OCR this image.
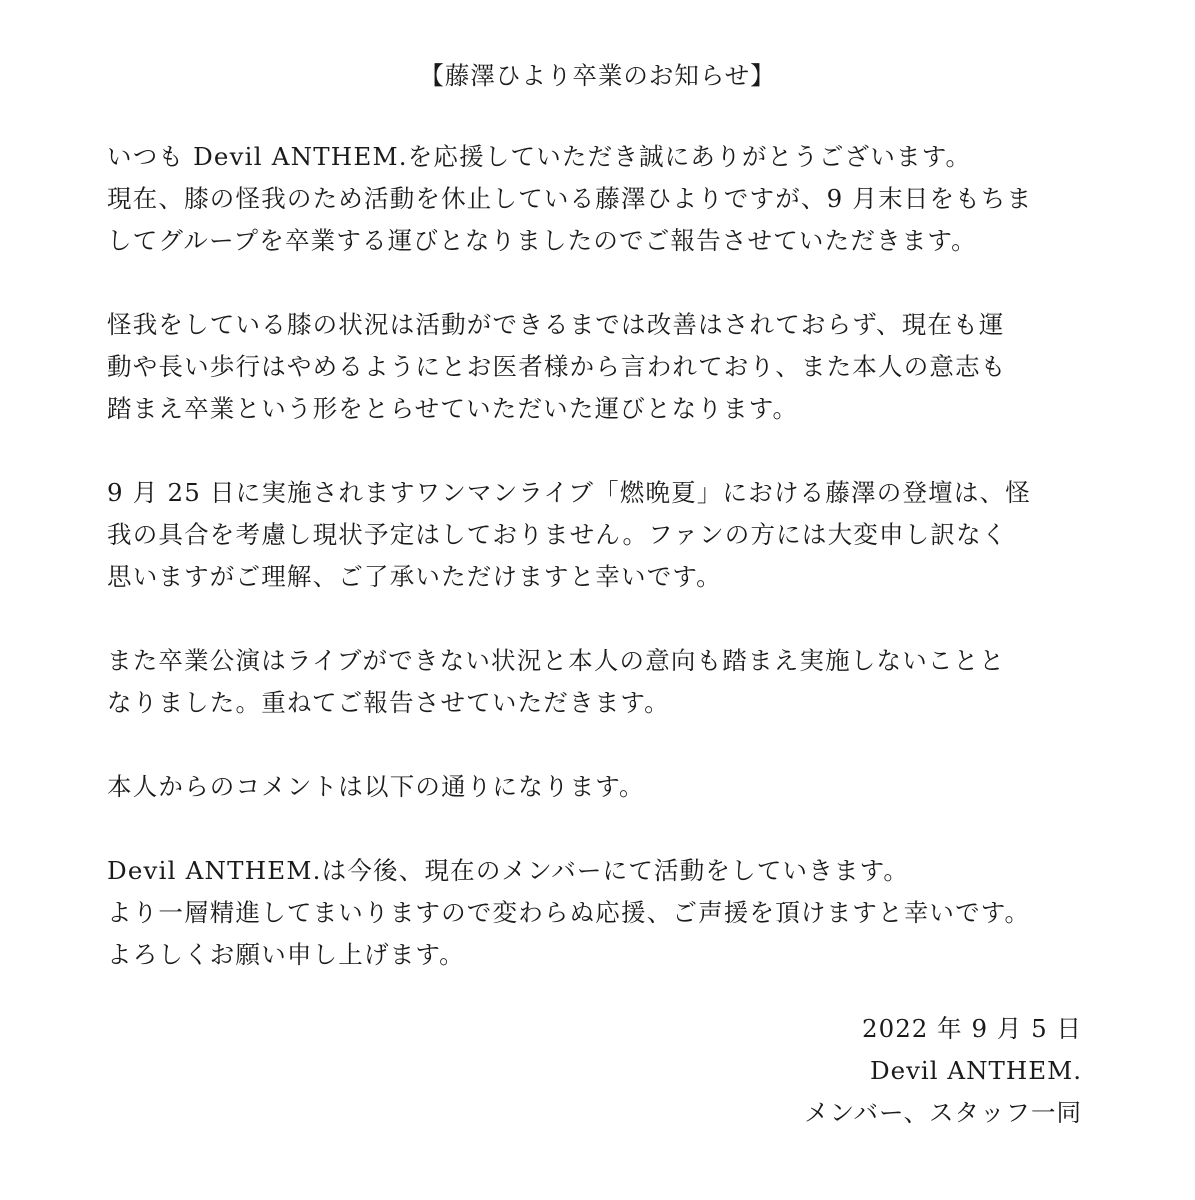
【藤澤ひより卒業のお知らせ】

いつも Devil ANTHEM.を応援していただき誠にありがとうございます。
現在、膝の怪我のため活動を休止している藤澤ひよりですが、9 月末日をもちま
してグループを卒業する運びとなりましたのでご報告させていただきます。

怪我をしている膝の状況は活動ができるまでは改善はされておらず、現在も運
動や長い歩行はやめるようにとお医者様から言われており、また本人の意志も
踏まえ卒業という形をとらせていただいた運びとなります。

9 月 25 日に実施されますワンマンライブ「燃晩夏」における藤澤の登壇は、怪
我の具合を考慮し現状予定はしておりません。ファンの方には大変申し訳なく
思いますがご理解、ご了承いただけますと幸いです。

また卒業公演はライブができない状況と本人の意向も踏まえ実施しないことと
なりました。重ねてご報告させていただきます。

本人からのコメントは以下の通りになります。

Devil ANTHEM.は今後、現在のメンバーにて活動をしていきます。
より一層精進してまいりますので変わらぬ応援、ご声援を頂けますと幸いです。
よろしくお願い申し上げます。

2022 年 9 月 5 日
Devil ANTHEM.
メンバー、スタッフ一同
